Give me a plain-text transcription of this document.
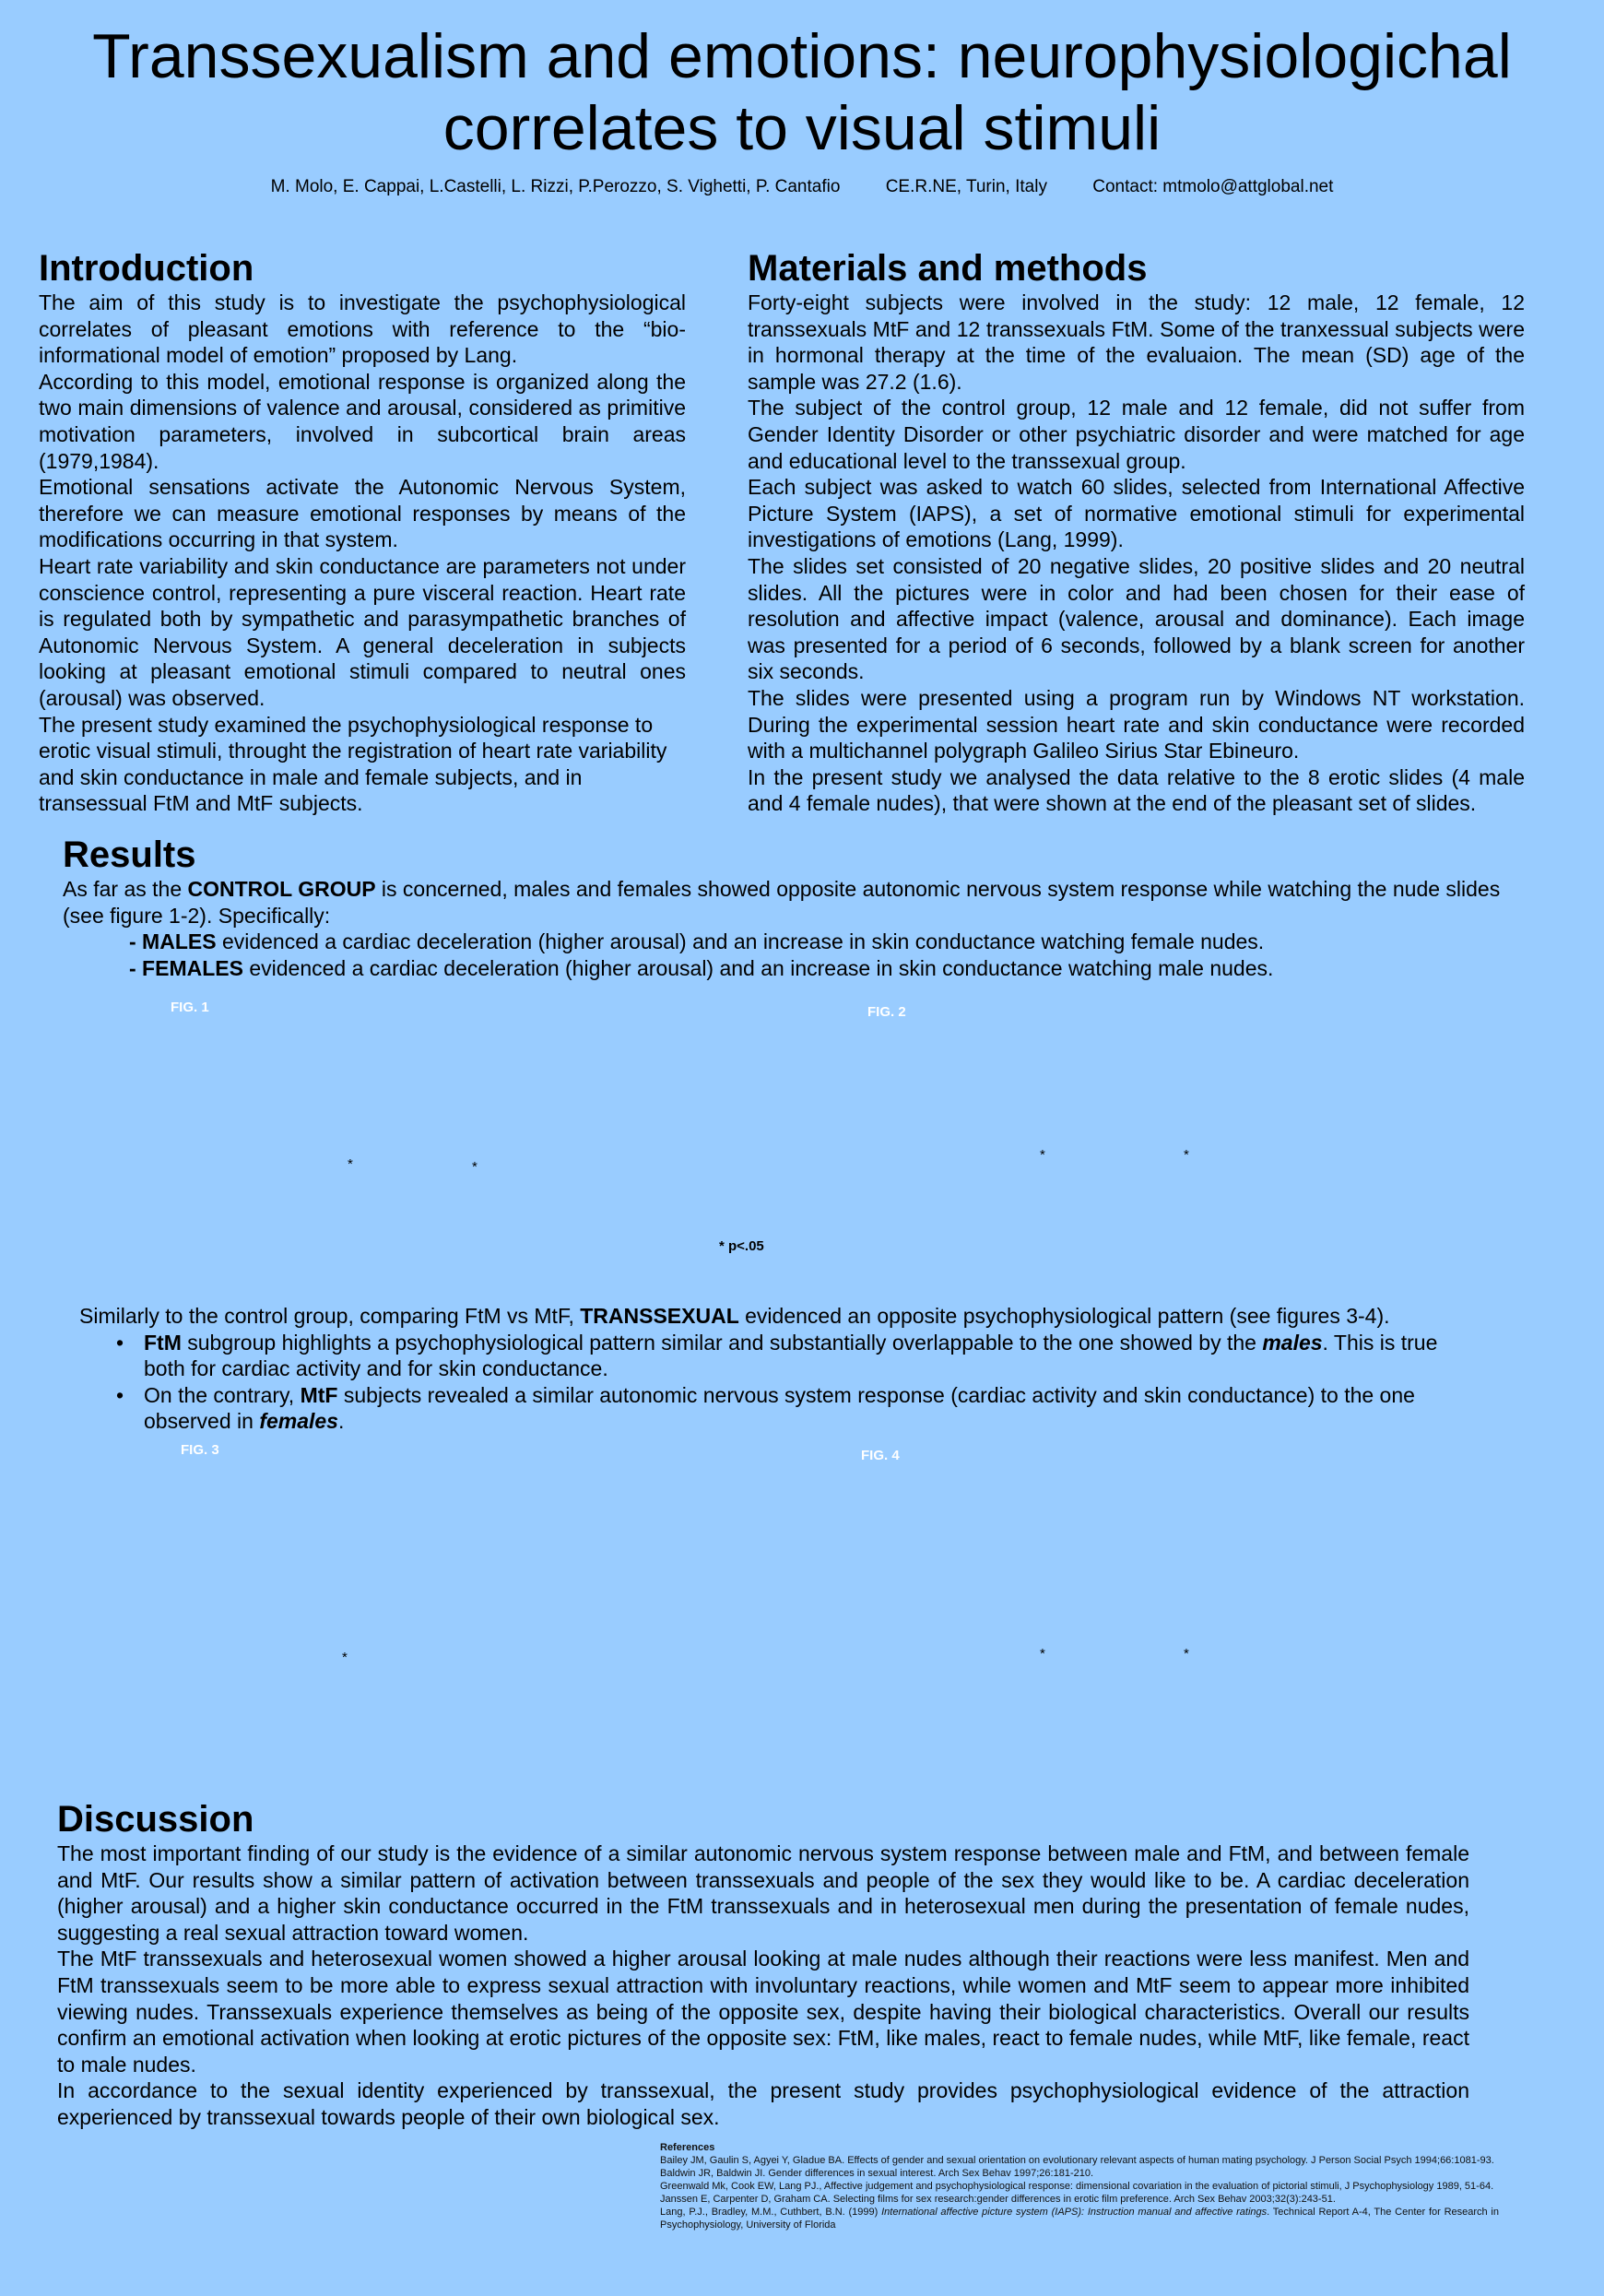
Transsexualism and emotions: neurophysiologichal
correlates to visual stimuli
M. Molo, E. Cappai, L.Castelli, L. Rizzi, P.Perozzo, S. Vighetti, P. Cantafio	CE.R.NE, Turin, Italy	Contact: mtmolo@attglobal.net
Introduction

The aim of this study is to investigate the psychophysiological correlates of pleasant emotions with reference to the “bio-informational model of emotion” proposed by Lang.

According to this model, emotional response is organized along the two main dimensions of valence and arousal, considered as primitive motivation parameters, involved in subcortical brain areas (1979,1984).

Emotional sensations activate the Autonomic Nervous System, therefore we can measure emotional responses by means of the modifications occurring in that system.

Heart rate variability and skin conductance are parameters not under conscience control, representing a pure visceral reaction. Heart rate is regulated both by sympathetic and parasympathetic branches of Autonomic Nervous System. A general deceleration in subjects looking at pleasant emotional stimuli compared to neutral ones (arousal) was observed.

The present study examined the psychophysiological response to erotic visual stimuli, throught the registration of heart rate variability and skin conductance in male and female subjects, and in transessual FtM and MtF subjects.

Materials and methods

Forty-eight subjects were involved in the study: 12 male, 12 female, 12 transsexuals MtF and 12 transsexuals FtM. Some of the tranxessual subjects were in hormonal therapy at the time of the evaluaion. The mean (SD) age of the sample was 27.2 (1.6).

The subject of the control group, 12 male and 12 female, did not suffer from Gender Identity Disorder or other psychiatric disorder and were matched for age and educational level to the transsexual group.

Each subject was asked to watch 60 slides, selected from International Affective Picture System (IAPS), a set of normative emotional stimuli for experimental investigations of emotions (Lang, 1999).

The slides set consisted of 20 negative slides, 20 positive slides and 20 neutral slides. All the pictures were in color and had been chosen for their ease of resolution and affective impact (valence, arousal and dominance). Each image was presented for a period of 6 seconds, followed by a blank screen for another six seconds.

The slides were presented using a program run by Windows NT workstation. During the experimental session heart rate and skin conductance were recorded with a multichannel polygraph Galileo Sirius Star Ebineuro.

In the present study we analysed the data relative to the 8 erotic slides (4 male and 4 female nudes), that were shown at the end of the pleasant set of slides.

Results

As far as the CONTROL GROUP is concerned, males and females showed opposite autonomic nervous system response while watching the nude slides (see figure 1-2). Specifically:

- MALES evidenced a cardiac deceleration (higher arousal) and an increase in skin conductance watching female nudes.

- FEMALES evidenced a cardiac deceleration (higher arousal) and an increase in skin conductance watching male nudes.

FIG. 1	FIG. 2
*	*
*	*
* p<.05

Similarly to the control group, comparing FtM vs MtF, TRANSSEXUAL evidenced an opposite psychophysiological pattern (see figures 3-4).

• FtM subgroup highlights a psychophysiological pattern similar and substantially overlappable to the one showed by the males. This is true both for cardiac activity and for skin conductance.
• On the contrary, MtF subjects revealed a similar autonomic nervous system response (cardiac activity and skin conductance) to the one observed in females.
FIG. 3	FIG. 4
*	*	*
Discussion

The most important finding of our study is the evidence of a similar autonomic nervous system response between male and FtM, and between female and MtF. Our results show a similar pattern of activation between transsexuals and people of the sex they would like to be. A cardiac deceleration (higher arousal) and a higher skin conductance occurred in the FtM transsexuals and in heterosexual men during the presentation of female nudes, suggesting a real sexual attraction toward women.

The MtF transsexuals and heterosexual women showed a higher arousal looking at male nudes although their reactions were less manifest. Men and FtM transsexuals seem to be more able to express sexual attraction with involuntary reactions, while women and MtF seem to appear more inhibited viewing nudes. Transsexuals experience themselves as being of the opposite sex, despite having their biological characteristics. Overall our results confirm an emotional activation when looking at erotic pictures of the opposite sex: FtM, like males, react to female nudes, while MtF, like female, react to male nudes.

In accordance to the sexual identity experienced by transsexual, the present study provides psychophysiological evidence of the attraction experienced by transsexual towards people of their own biological sex.

References

Bailey JM, Gaulin S, Agyei Y, Gladue BA. Effects of gender and sexual orientation on evolutionary relevant aspects of human mating psychology. J Person Social Psych 1994;66:1081-93.

Baldwin JR, Baldwin JI. Gender differences in sexual interest. Arch Sex Behav 1997;26:181-210.

Greenwald Mk, Cook EW, Lang PJ., Affective judgement and psychophysiological response: dimensional covariation in the evaluation of pictorial stimuli, J Psychophysiology 1989, 51-64.

Janssen E, Carpenter D, Graham CA. Selecting films for sex research:gender differences in erotic film preference. Arch Sex Behav 2003;32(3):243-51.

Lang, P.J., Bradley, M.M., Cuthbert, B.N. (1999) International affective picture system (IAPS): Instruction manual and affective ratings. Technical Report A-4, The Center for Research in Psychophysiology, University of Florida
